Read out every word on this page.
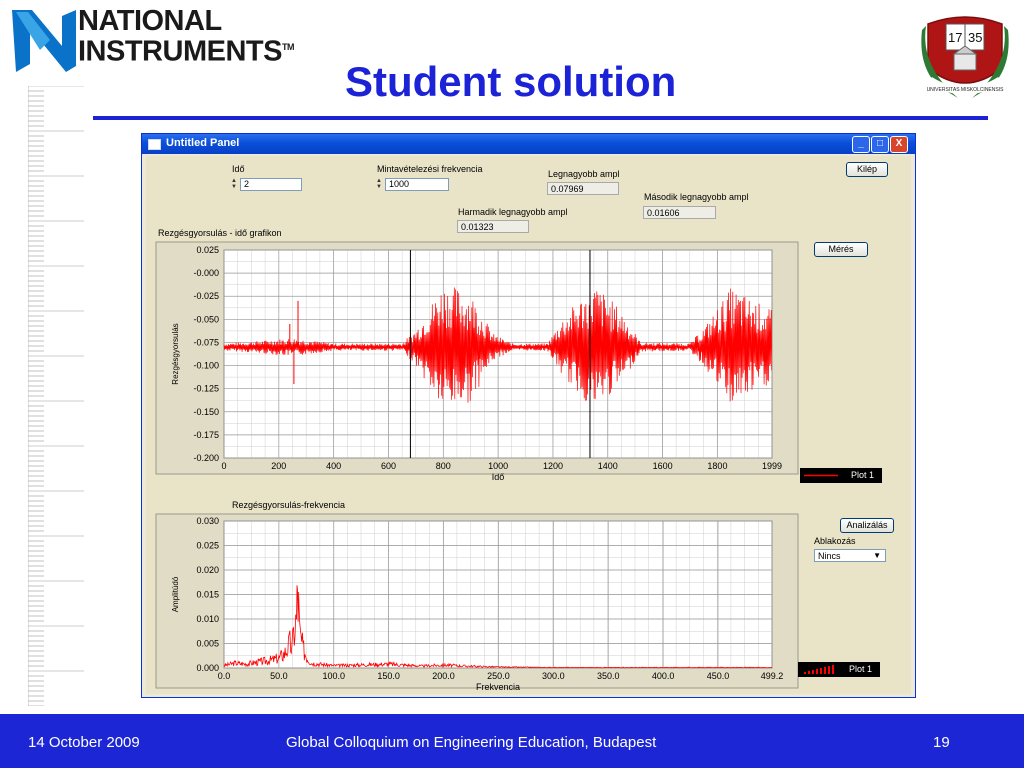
NATIONAL
INSTRUMENTS™
Student solution
17 35
UNIVERSITAS MISKOLCINENSIS
Untitled Panel	_	□	X
Idő
▲
▼
2
Mintavételezési frekvencia
▲
▼
1000
Legnagyobb ampl
0.07969
Második legnagyobb ampl
0.01606
Harmadik legnagyobb ampl
0.01323
Kilép
Rezgésgyorsulás - idő grafikon
0	200	400	600	800	1000	1200	1400	1600	1800	1999
0.025
-0.000
-0.025
-0.050
-0.075
-0.100
-0.125
-0.150
-0.175
-0.200
Idő
Rezgésgyorsulás
Mérés
Plot 1
Rezgésgyorsulás-frekvencia
0.0	50.0	100.0	150.0	200.0	250.0	300.0	350.0	400.0	450.0	499.2
0.030
0.025
0.020
0.015
0.010
0.005
0.000
Frekvencia
Amplitúdó
Analizálás
Ablakozás
Nincs	▼
Plot 1
14 October 2009	Global Colloquium on Engineering Education, Budapest	19
